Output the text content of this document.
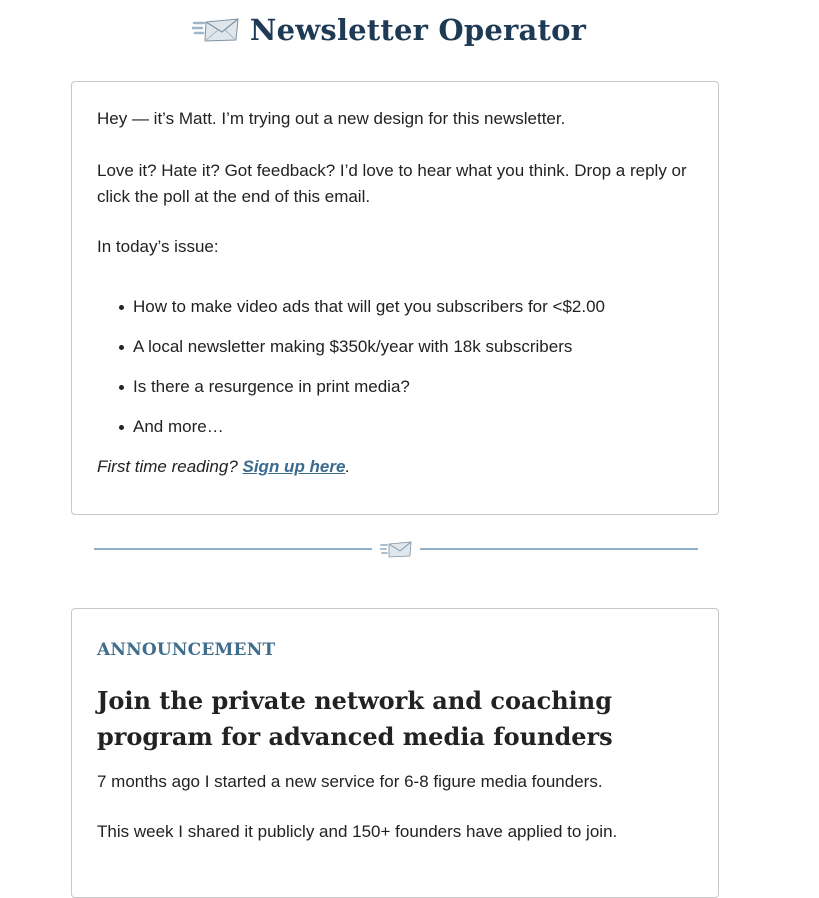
Newsletter Operator

Hey — it’s Matt. I’m trying out a new design for this newsletter.

Love it? Hate it? Got feedback? I’d love to hear what you think. Drop a reply or click the poll at the end of this email.

In today’s issue:

How to make video ads that will get you subscribers for <$2.00
A local newsletter making $350k/year with 18k subscribers
Is there a resurgence in print media?
And more…

First time reading? Sign up here.

ANNOUNCEMENT
Join the private network and coaching program for advanced media founders

7 months ago I started a new service for 6-8 figure media founders.

This week I shared it publicly and 150+ founders have applied to join.
